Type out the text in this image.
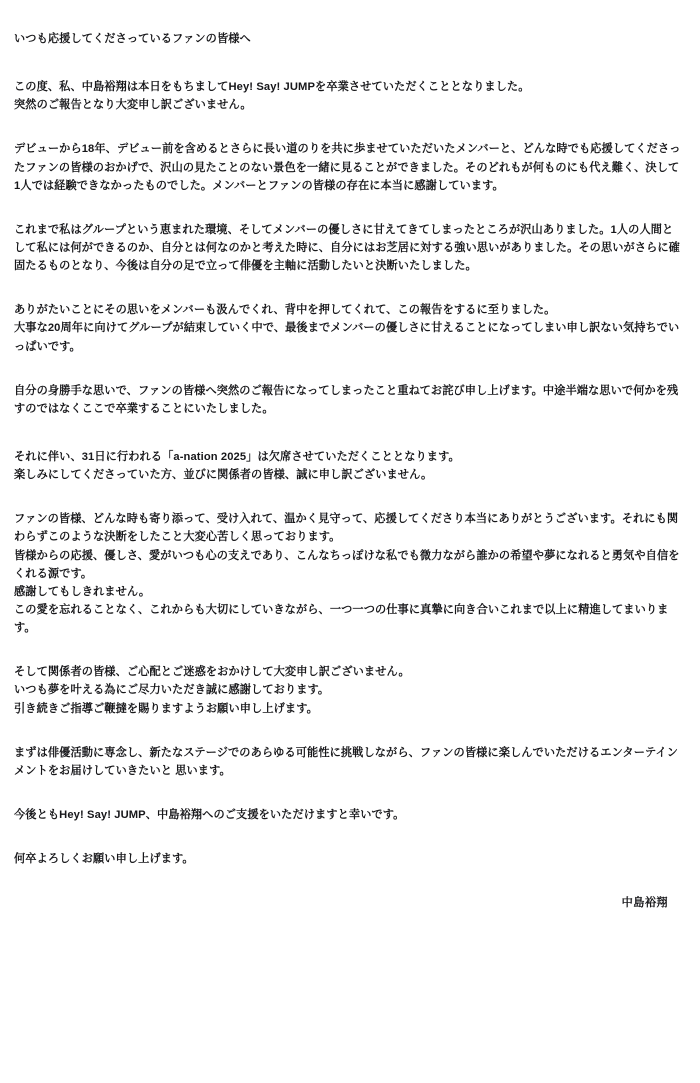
いつも応援してくださっているファンの皆様へ

この度、私、中島裕翔は本日をもちましてHey! Say! JUMPを卒業させていただくこととなりました。

突然のご報告となり大変申し訳ございません。

デビューから18年、デビュー前を含めるとさらに長い道のりを共に歩ませていただいたメンバーと、どんな時でも応援してくださったファンの皆様のおかげで、沢山の見たことのない景色を一緒に見ることができました。そのどれもが何ものにも代え難く、決して1人では経験できなかったものでした。メンバーとファンの皆様の存在に本当に感謝しています。

これまで私はグループという恵まれた環境、そしてメンバーの優しさに甘えてきてしまったところが沢山ありました。1人の人間として私には何ができるのか、自分とは何なのかと考えた時に、自分にはお芝居に対する強い思いがありました。その思いがさらに確固たるものとなり、今後は自分の足で立って俳優を主軸に活動したいと決断いたしました。

ありがたいことにその思いをメンバーも汲んでくれ、背中を押してくれて、この報告をするに至りました。

大事な20周年に向けてグループが結束していく中で、最後までメンバーの優しさに甘えることになってしまい申し訳ない気持ちでいっぱいです。

自分の身勝手な思いで、ファンの皆様へ突然のご報告になってしまったこと重ねてお詫び申し上げます。中途半端な思いで何かを残すのではなくここで卒業することにいたしました。

それに伴い、31日に行われる「a-nation 2025」は欠席させていただくこととなります。

楽しみにしてくださっていた方、並びに関係者の皆様、誠に申し訳ございません。

ファンの皆様、どんな時も寄り添って、受け入れて、温かく見守って、応援してくださり本当にありがとうございます。それにも関わらずこのような決断をしたこと大変心苦しく思っております。

皆様からの応援、優しさ、愛がいつも心の支えであり、こんなちっぽけな私でも微力ながら誰かの希望や夢になれると勇気や自信をくれる源です。

感謝してもしきれません。

この愛を忘れることなく、これからも大切にしていきながら、一つ一つの仕事に真摯に向き合いこれまで以上に精進してまいります。

そして関係者の皆様、ご心配とご迷惑をおかけして大変申し訳ございません。

いつも夢を叶える為にご尽力いただき誠に感謝しております。

引き続きご指導ご鞭撻を賜りますようお願い申し上げます。

まずは俳優活動に専念し、新たなステージでのあらゆる可能性に挑戦しながら、ファンの皆様に楽しんでいただけるエンターテインメントをお届けしていきたいと 思います。

今後ともHey! Say! JUMP、中島裕翔へのご支援をいただけますと幸いです。

何卒よろしくお願い申し上げます。

中島裕翔
